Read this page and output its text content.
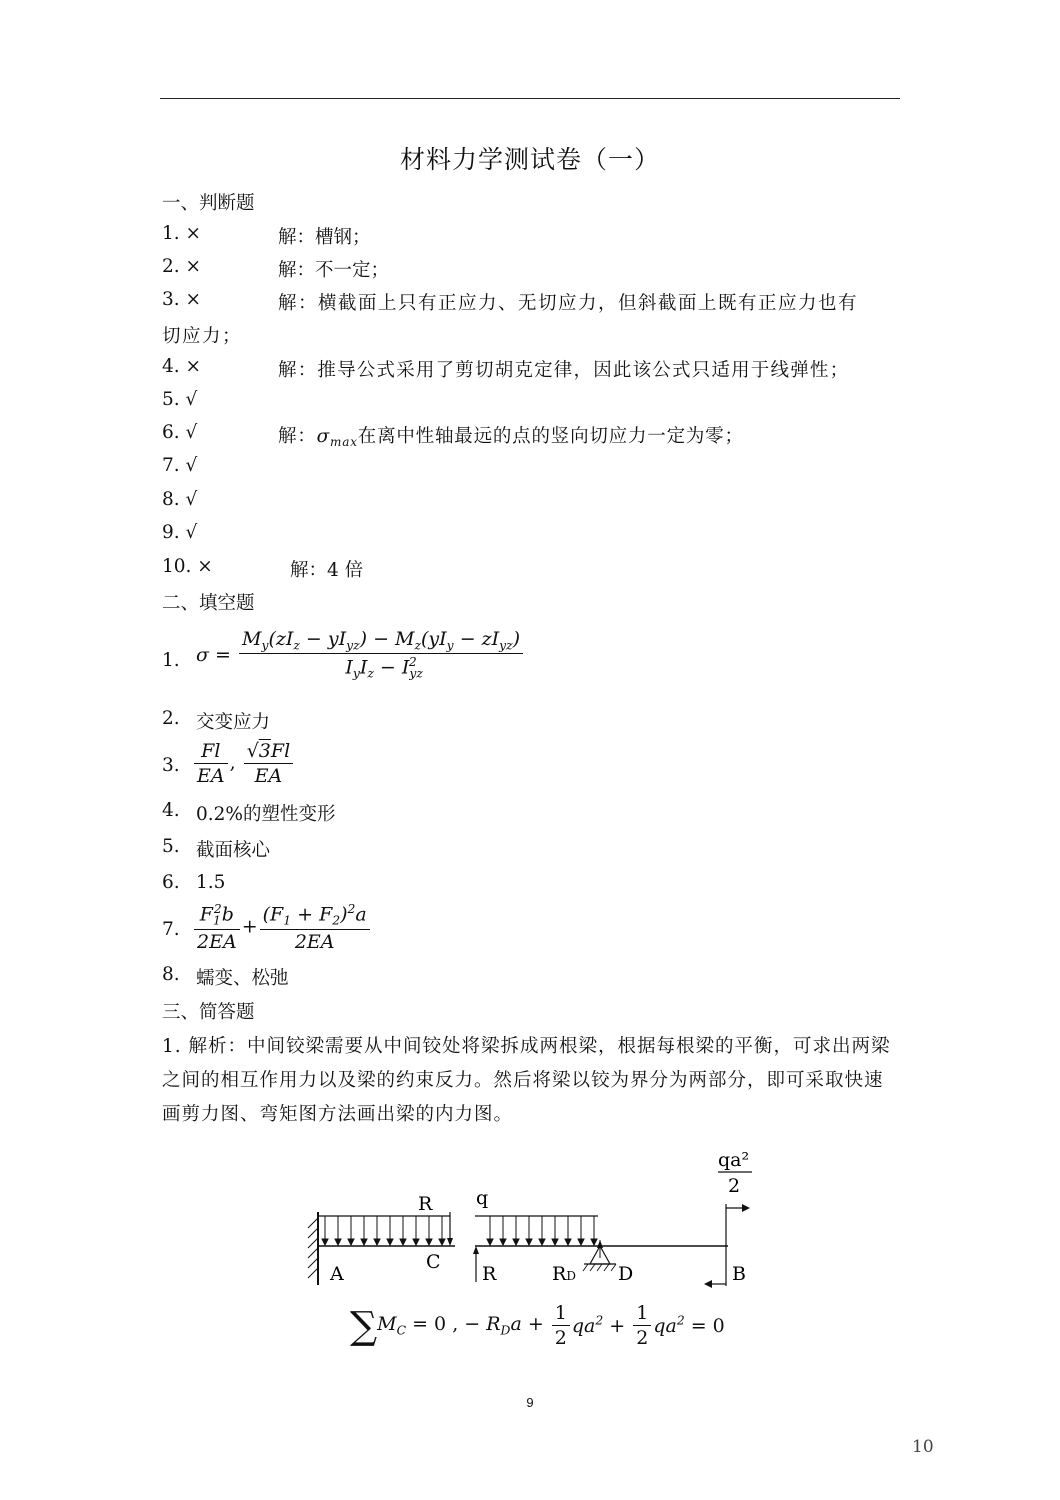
材料力学测试卷（一）
一、判断题
1. ×	解：槽钢；
2. ×	解：不一定；
3. ×	解：横截面上只有正应力、无切应力，但斜截面上既有正应力也有
切应力；
4. ×	解：推导公式采用了剪切胡克定律，因此该公式只适用于线弹性；
5. √
6. √	解：$\sigma_{max}$在离中性轴最远的点的竖向切应力一定为零；
7. √
8. √
9. √
10. ×	解：4 倍
二、填空题
1. $\sigma = \frac{M_y(zI_z - yI_{yz}) - M_z(yI_y - zI_{yz})}{I_yI_z - I_{yz}^2}$
2. 交变应力
3. $\frac{Fl}{EA}$ , $\frac{√3Fl}{EA}$
4. 0.2%的塑性变形
5. 截面核心
6. 1.5
7. $\frac{F_1^2b}{2EA} + \frac{(F_1 + F_2)^2a}{2EA}$
8. 蠕变、松弛
三、简答题
1. 解析：中间铰梁需要从中间铰处将梁拆成两根梁，根据每根梁的平衡，可求出两梁之间的相互作用力以及梁的约束反力。然后将梁以铰为界分为两部分，即可采取快速画剪力图、弯矩图方法画出梁的内力图。
R
A
C
q
R	RD D	B
qa²
2
$\sum M_C = 0$ , − $R_Da + \frac{1}{2} qa^2 + \frac{1}{2} qa^2 = 0$
9
10
